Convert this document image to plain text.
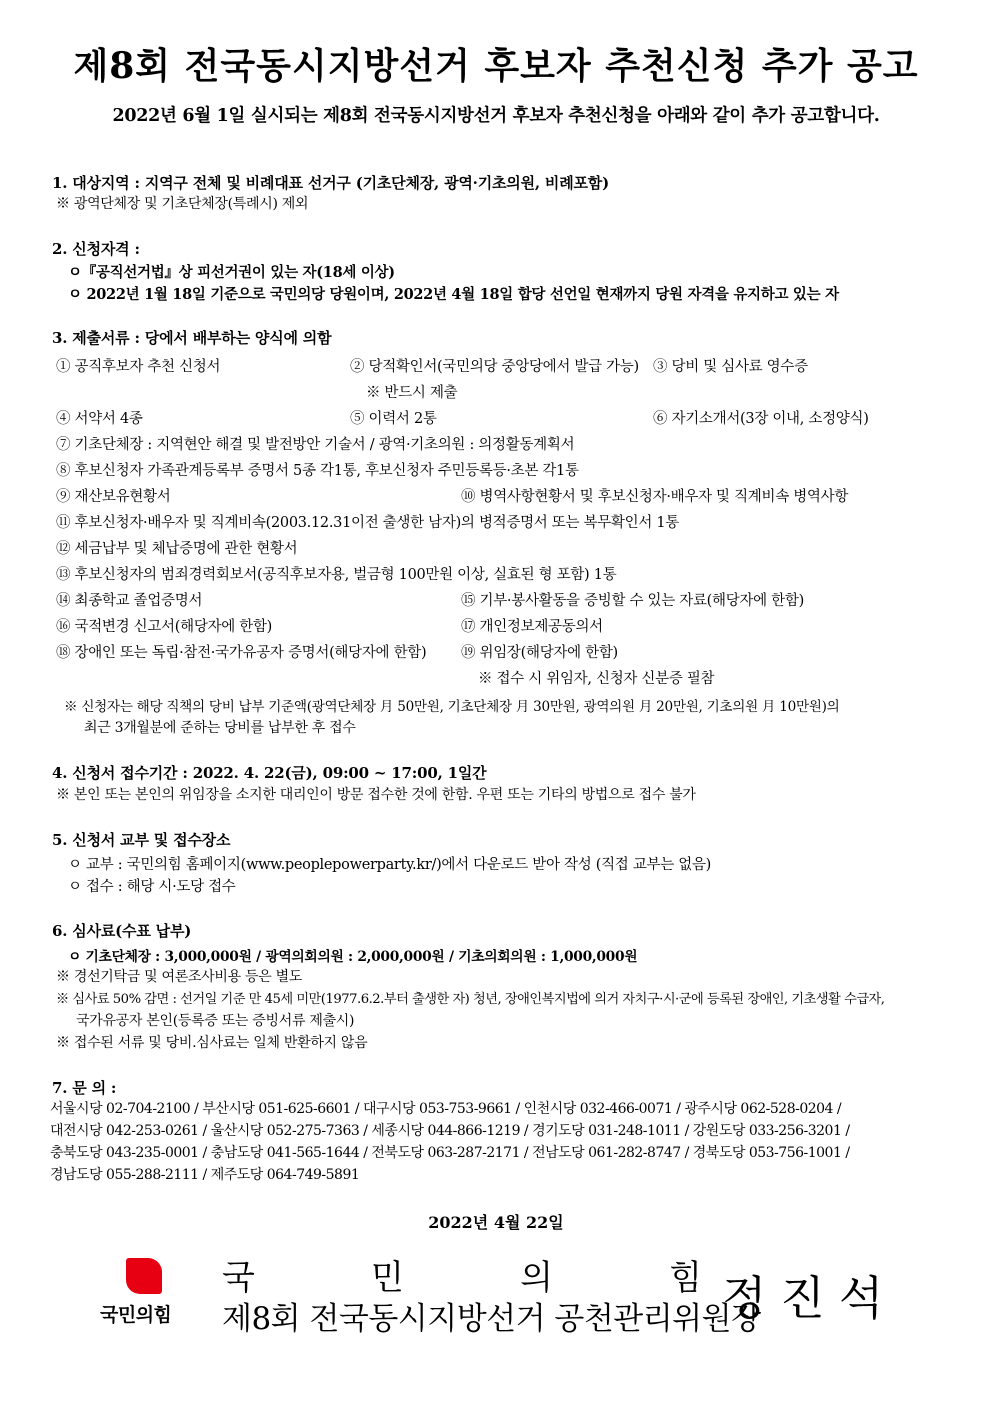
제8회 전국동시지방선거 후보자 추천신청 추가 공고
2022년 6월 1일 실시되는 제8회 전국동시지방선거 후보자 추천신청을 아래와 같이 추가 공고합니다.
1. 대상지역 : 지역구 전체 및 비례대표 선거구 (기초단체장, 광역·기초의원, 비례포함)
※ 광역단체장 및 기초단체장(특례시) 제외
2. 신청자격 :
ㅇ『공직선거법』상 피선거권이 있는 자(18세 이상)
ㅇ 2022년 1월 18일 기준으로 국민의당 당원이며, 2022년 4월 18일 합당 선언일 현재까지 당원 자격을 유지하고 있는 자
3. 제출서류 : 당에서 배부하는 양식에 의함
① 공직후보자 추천 신청서	② 당적확인서(국민의당 중앙당에서 발급 가능) ③ 당비 및 심사료 영수증
※ 반드시 제출
④ 서약서 4종	⑤ 이력서 2통	⑥ 자기소개서(3장 이내, 소정양식)
⑦ 기초단체장 : 지역현안 해결 및 발전방안 기술서 / 광역·기초의원 : 의정활동계획서
⑧ 후보신청자 가족관계등록부 증명서 5종 각1통, 후보신청자 주민등록등·초본 각1통
⑨ 재산보유현황서	⑩ 병역사항현황서 및 후보신청자·배우자 및 직계비속 병역사항
⑪ 후보신청자·배우자 및 직계비속(2003.12.31이전 출생한 남자)의 병적증명서 또는 복무확인서 1통
⑫ 세금납부 및 체납증명에 관한 현황서
⑬ 후보신청자의 범죄경력회보서(공직후보자용, 벌금형 100만원 이상, 실효된 형 포함) 1통
⑭ 최종학교 졸업증명서	⑮ 기부·봉사활동을 증빙할 수 있는 자료(해당자에 한함)
⑯ 국적변경 신고서(해당자에 한함)	⑰ 개인정보제공동의서
⑱ 장애인 또는 독립·참전·국가유공자 증명서(해당자에 한함) ⑲ 위임장(해당자에 한함)
※ 접수 시 위임자, 신청자 신분증 필참
※ 신청자는 해당 직책의 당비 납부 기준액(광역단체장 月 50만원, 기초단체장 月 30만원, 광역의원 月 20만원, 기초의원 月 10만원)의
최근 3개월분에 준하는 당비를 납부한 후 접수
4. 신청서 접수기간 : 2022. 4. 22(금), 09:00 ~ 17:00, 1일간
※ 본인 또는 본인의 위임장을 소지한 대리인이 방문 접수한 것에 한함. 우편 또는 기타의 방법으로 접수 불가
5. 신청서 교부 및 접수장소
ㅇ 교부 : 국민의힘 홈페이지(www.peoplepowerparty.kr/)에서 다운로드 받아 작성 (직접 교부는 없음)
ㅇ 접수 : 해당 시·도당 접수
6. 심사료(수표 납부)
ㅇ 기초단체장 : 3,000,000원 / 광역의회의원 : 2,000,000원 / 기초의회의원 : 1,000,000원
※ 경선기탁금 및 여론조사비용 등은 별도
※ 심사료 50% 감면 : 선거일 기준 만 45세 미만(1977.6.2.부터 출생한 자) 청년, 장애인복지법에 의거 자치구·시·군에 등록된 장애인, 기초생활 수급자,
국가유공자 본인(등록증 또는 증빙서류 제출시)
※ 접수된 서류 및 당비.심사료는 일체 반환하지 않음
7. 문 의 :
서울시당 02-704-2100 / 부산시당 051-625-6601 / 대구시당 053-753-9661 / 인천시당 032-466-0071 / 광주시당 062-528-0204 /
대전시당 042-253-0261 / 울산시당 052-275-7363 / 세종시당 044-866-1219 / 경기도당 031-248-1011 / 강원도당 033-256-3201 /
충북도당 043-235-0001 / 충남도당 041-565-1644 / 전북도당 063-287-2171 / 전남도당 061-282-8747 / 경북도당 053-756-1001 /
경남도당 055-288-2111 / 제주도당 064-749-5891
2022년 4월 22일
국민의힘
국	민	의	힘
제8회 전국동시지방선거 공천관리위원장
정진석
